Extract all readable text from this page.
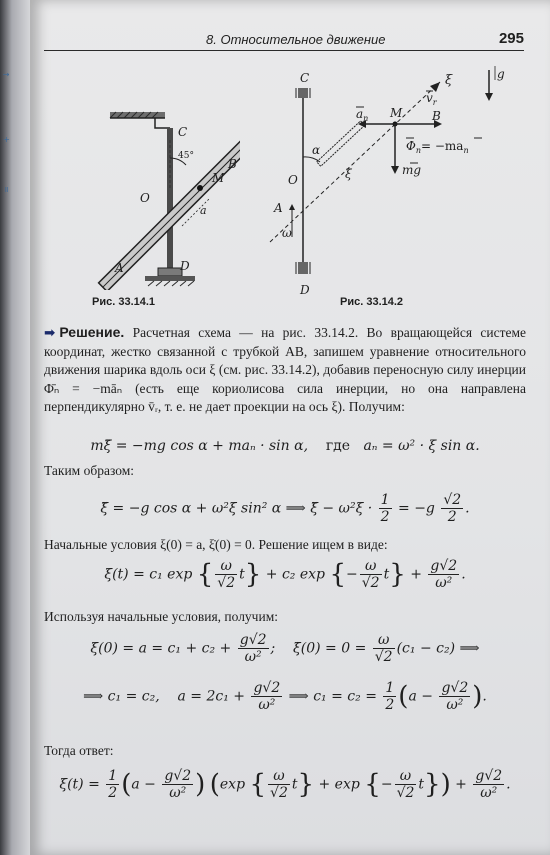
↓
+
=
8. Относительное движение	295
C
45°
B
M
O
a
A	D
Рис. 33.14.1
C
D
ω
ξ
A
O
α
ξ
M
$a_n$	B
$\Phi_n= -ma_n$
mg
$v_r$
g
Рис. 33.14.2
➡ Решение. Расчетная схема — на рис. 33.14.2. Во вращающейся системе координат, жестко связанной с трубкой AB, запишем уравнение относительного движения шарика вдоль оси ξ (см. рис. 33.14.2), добавив переносную силу инерции Φ̄ₙ = −māₙ (есть еще кориолисова сила инерции, но она направлена перпендикулярно v̄ᵣ, т. е. не дает проекции на ось ξ). Получим:
mξ̈ = −mg cos α + maₙ · sin α, где aₙ = ω² · ξ sin α.
Таким образом:
ξ̈ = −g cos α + ω²ξ sin² α ⟹ ξ̈ − $\omega^2\xi \cdot \frac{1}{2} = -g \frac{√2}{2}$ .
Начальные условия ξ(0) = a, ξ̇(0) = 0. Решение ищем в виде:
ξ(t) = c₁ exp { $\frac{\omega}{√2} t\} + c_2$ exp {− $\frac{\omega}{√2} t\} + \frac{g√2}{\text{ω²}}$ .
Используя начальные условия, получим:
$\xi(0) = a = c_1 + c_2 + \frac{g√2}{\text{ω²}}$ ;    ξ̇(0) = $0 = \frac{\omega}{√2} (c_1 - c_2)$ ⟹
⟹ c₁ = c₂,    $a = 2c_1 + \frac{g√2}{\text{ω²}}$ ⟹ $c_1 = c_2 = \frac{1}{2} (a - \frac{g√2}{\text{ω²}}$ ).
Тогда ответ:
$\xi(t) = \frac{1}{2} (a - \frac{g√2}{\text{ω²}}$ ) (exp { $\frac{\omega}{√2} t\} + \exp$ {− $\frac{\omega}{√2} t\}) + \frac{g√2}{\text{ω²}}$ .
